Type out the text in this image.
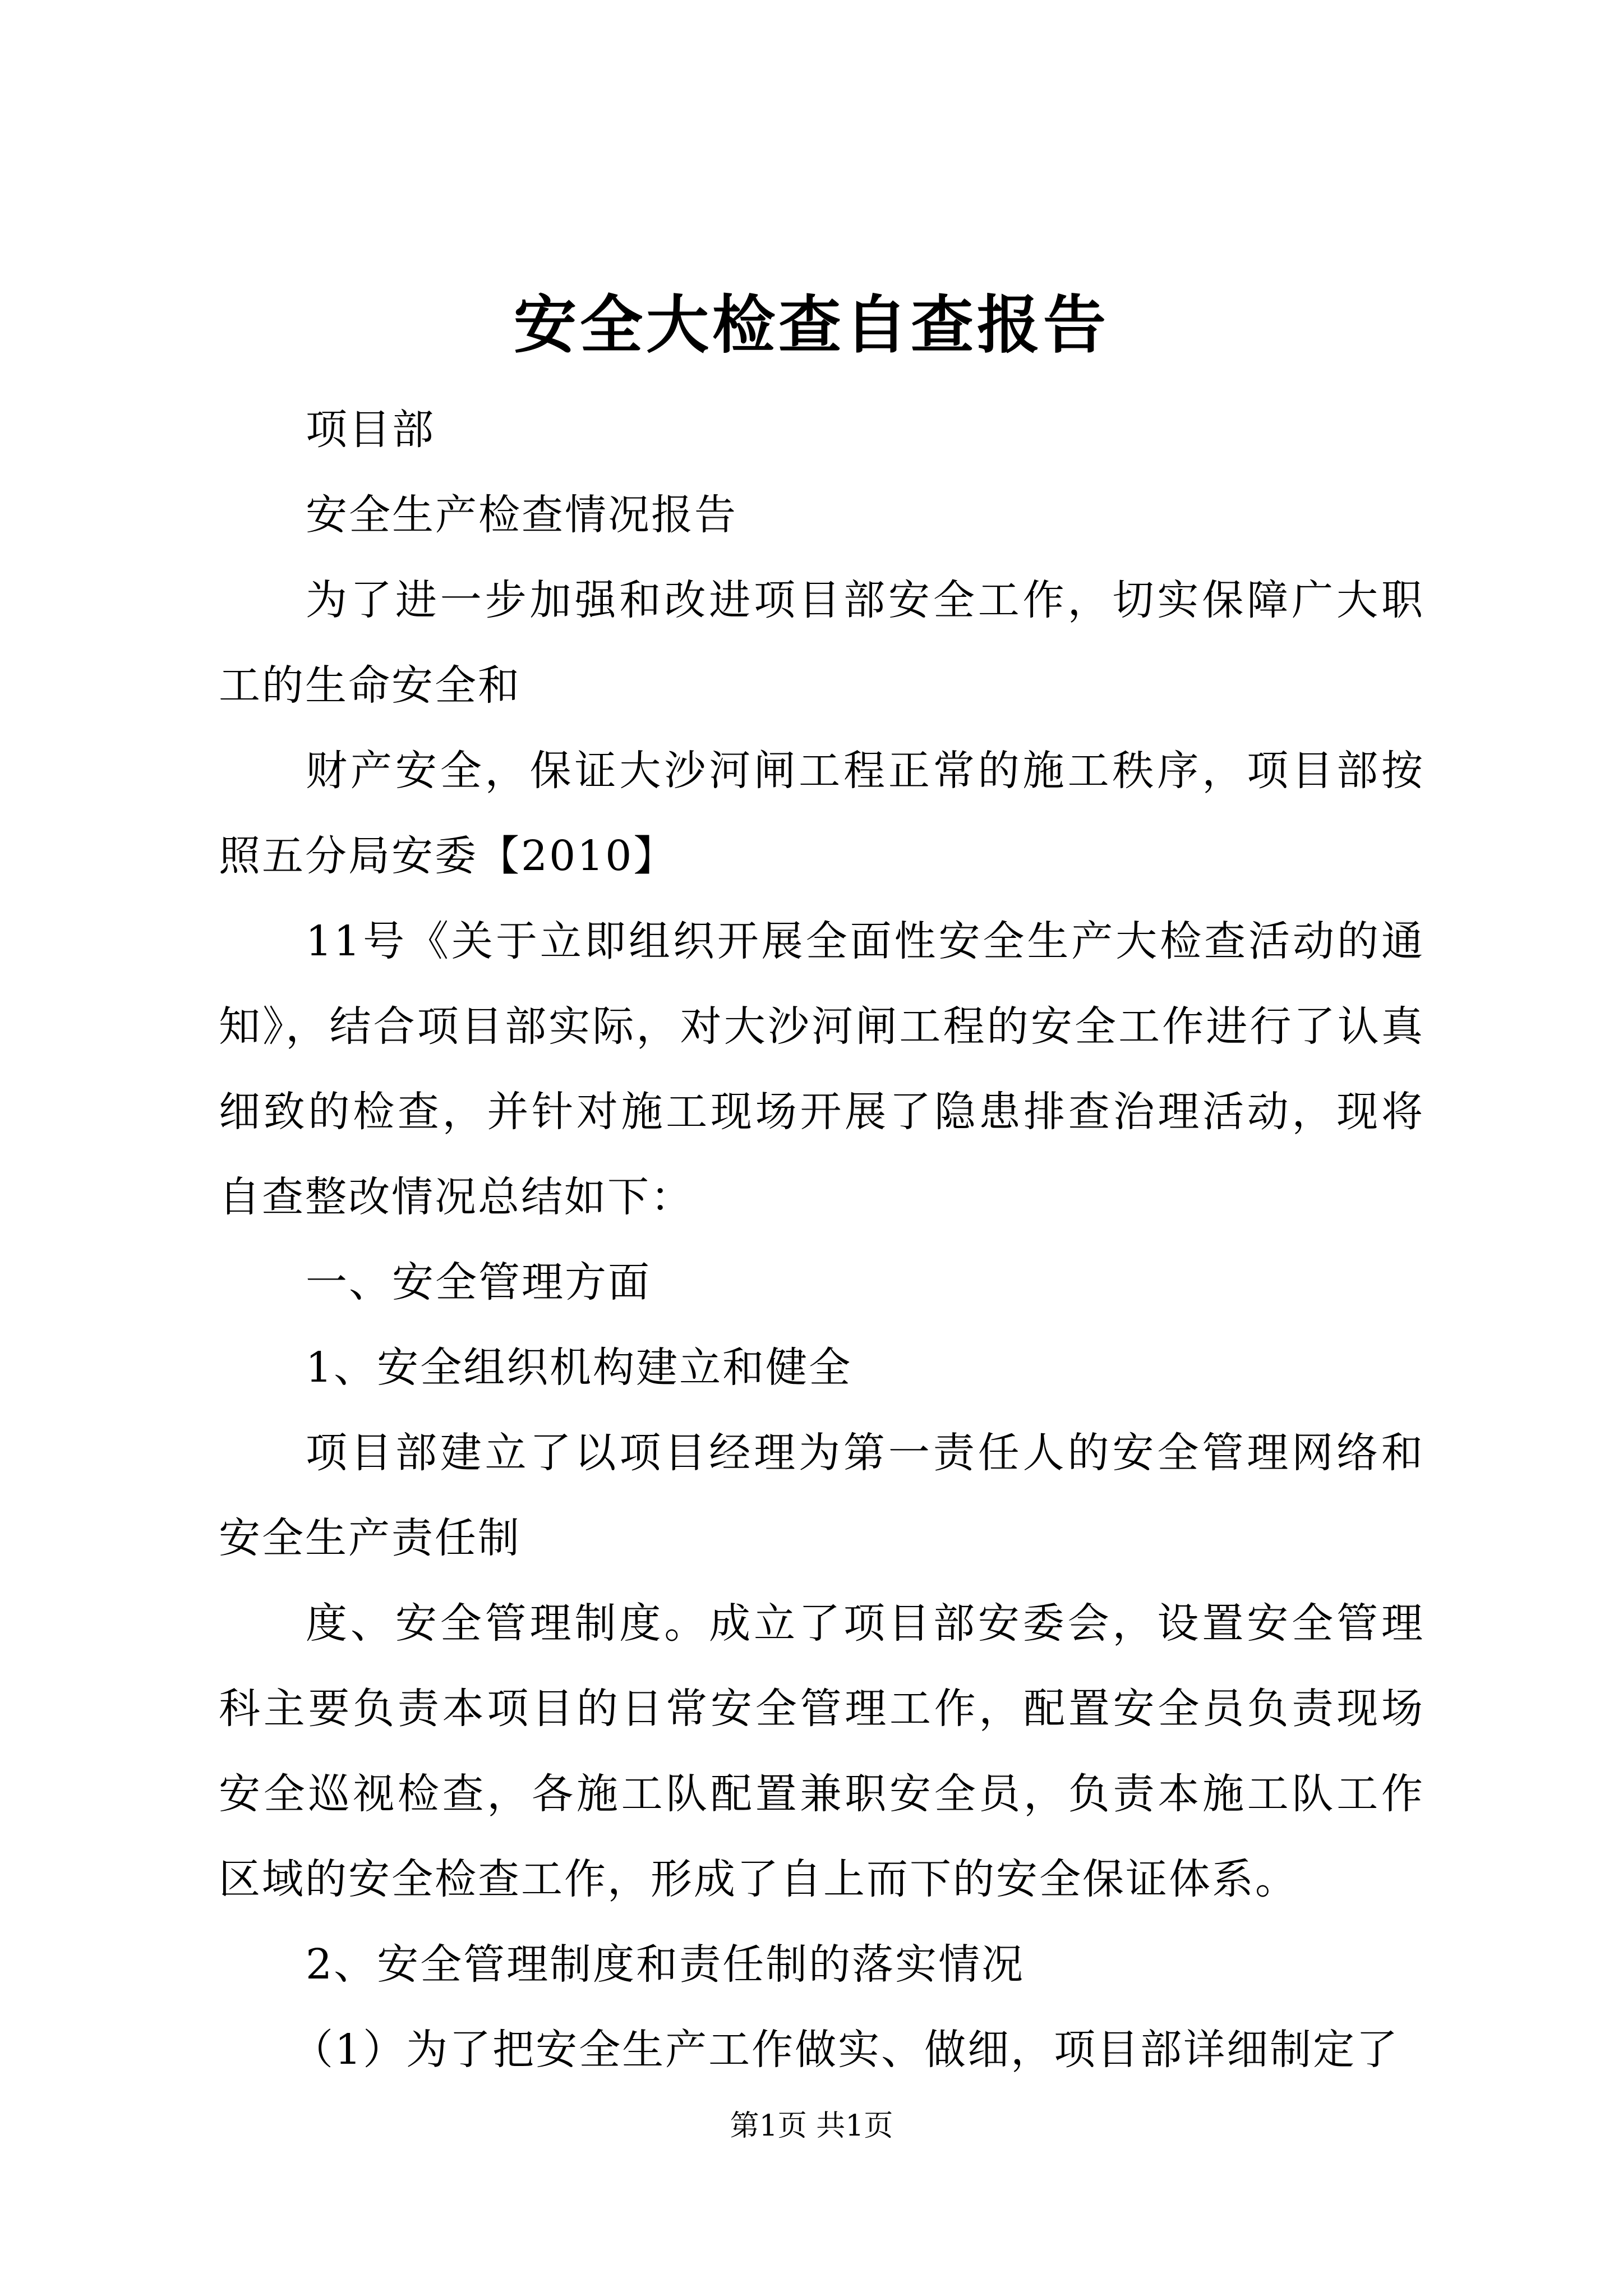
安全大检查自查报告

项目部

安全生产检查情况报告

为了进一步加强和改进项目部安全工作，切实保障广大职工的生命安全和

财产安全，保证大沙河闸工程正常的施工秩序，项目部按照五分局安委【2010】

11号《关于立即组织开展全面性安全生产大检查活动的通知》，结合项目部实际，对大沙河闸工程的安全工作进行了认真细致的检查，并针对施工现场开展了隐患排查治理活动，现将自查整改情况总结如下：

一、安全管理方面

1、安全组织机构建立和健全

项目部建立了以项目经理为第一责任人的安全管理网络和安全生产责任制

度、安全管理制度。成立了项目部安委会，设置安全管理科主要负责本项目的日常安全管理工作，配置安全员负责现场安全巡视检查，各施工队配置兼职安全员，负责本施工队工作区域的安全检查工作，形成了自上而下的安全保证体系。

2、安全管理制度和责任制的落实情况

（1）为了把安全生产工作做实、做细，项目部详细制定了

第1页 共1页
